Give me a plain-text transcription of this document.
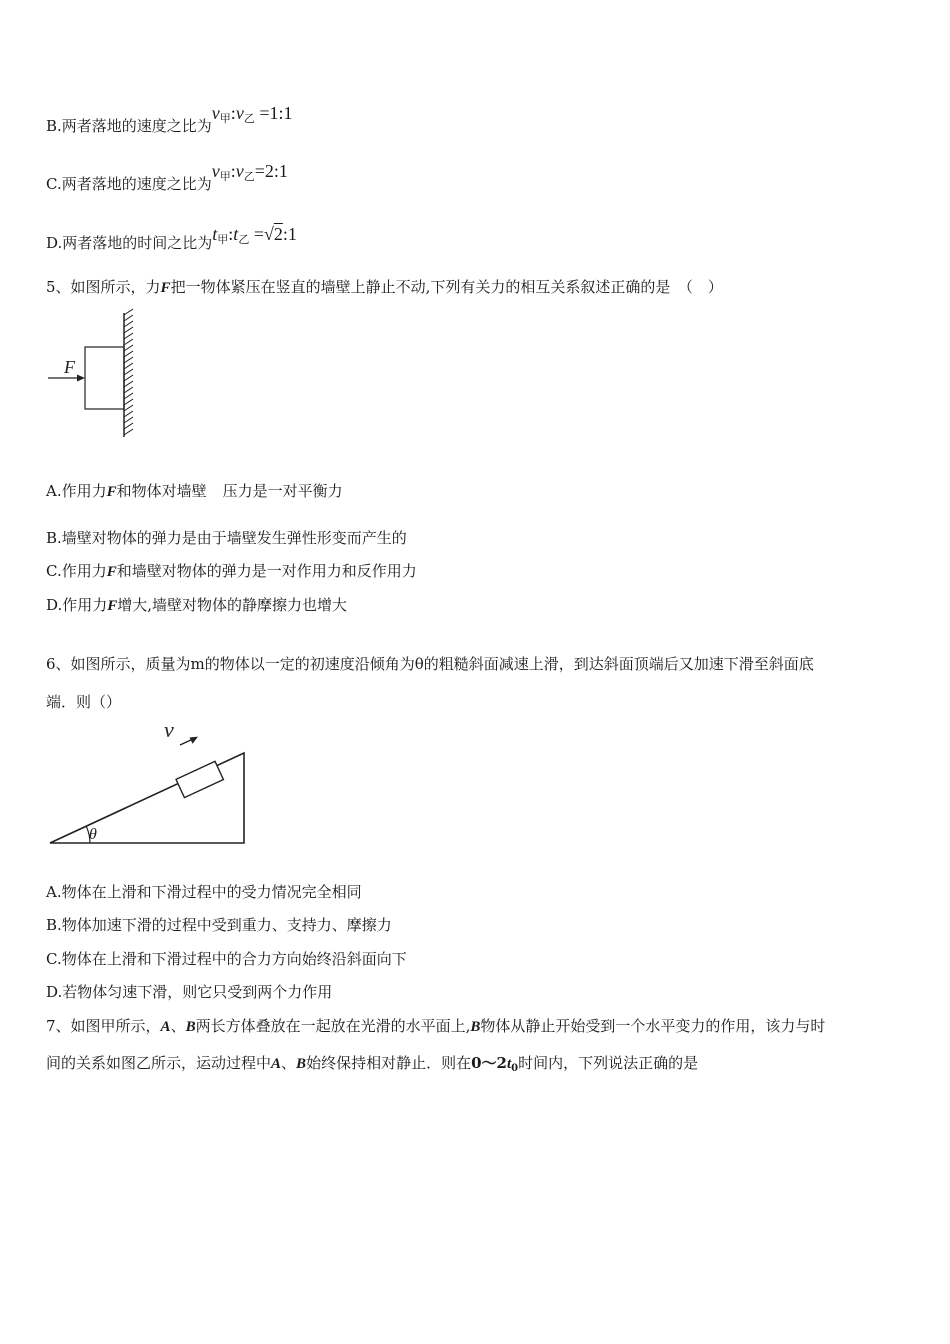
B.两者落地的速度之比为$v_甲:v_乙$ =1:1
C.两者落地的速度之比为$v_甲:v_乙=2:1$
D.两者落地的时间之比为$t_甲:t_乙$ =√2:1
5、如图所示，力F把一物体紧压在竖直的墙壁上静止不动,下列有关力的相互关系叙述正确的是　（　）
F
A.作用力F和物体对墙壁 压力是一对平衡力
B.墙壁对物体的弹力是由于墙壁发生弹性形变而产生的
C.作用力F和墙壁对物体的弹力是一对作用力和反作用力
D.作用力F增大,墙壁对物体的静摩擦力也增大
6、如图所示，质量为m的物体以一定的初速度沿倾角为θ的粗糙斜面减速上滑，到达斜面顶端后又加速下滑至斜面底
端．则（）
θ
v
A.物体在上滑和下滑过程中的受力情况完全相同
B.物体加速下滑的过程中受到重力、支持力、摩擦力
C.物体在上滑和下滑过程中的合力方向始终沿斜面向下
D.若物体匀速下滑，则它只受到两个力作用
7、如图甲所示，A、B两长方体叠放在一起放在光滑的水平面上,B物体从静止开始受到一个水平变力的作用，该力与时
间的关系如图乙所示，运动过程中A、B始终保持相对静止．则在$0\sim 2t_0$时间内，下列说法正确的是
